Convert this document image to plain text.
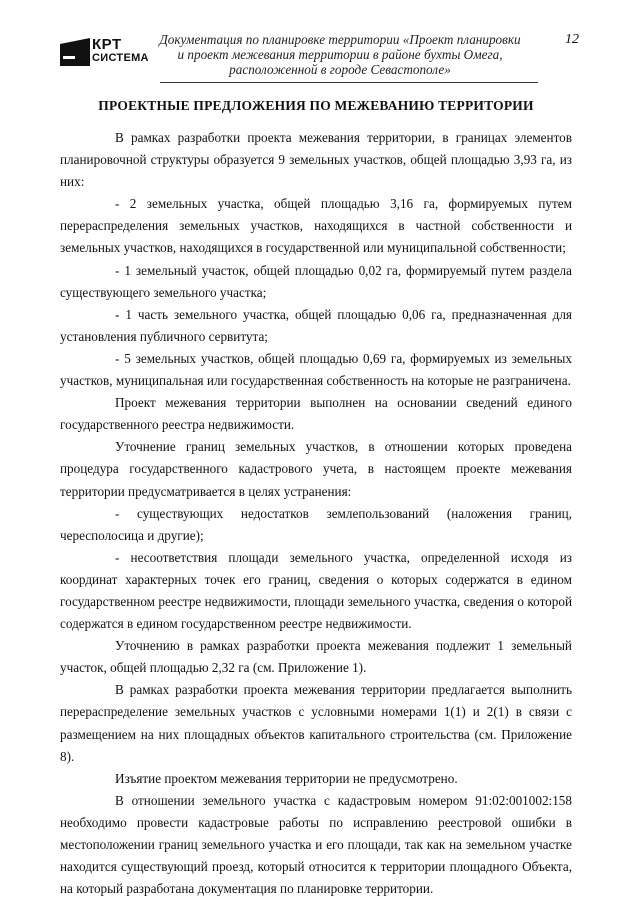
КРТ
СИСТЕМА
Документация по планировке территории «Проект планировки
и проект межевания территории в районе бухты Омега,
расположенной в городе Севастополе»
12
ПРОЕКТНЫЕ ПРЕДЛОЖЕНИЯ ПО МЕЖЕВАНИЮ ТЕРРИТОРИИ

В рамках разработки проекта межевания территории, в границах элементов планировочной структуры образуется 9 земельных участков, общей площадью 3,93 га, из них:

- 2 земельных участка, общей площадью 3,16 га, формируемых путем перераспределения земельных участков, находящихся в частной собственности и земельных участков, находящихся в государственной или муниципальной собственности;

- 1 земельный участок, общей площадью 0,02 га, формируемый путем раздела существующего земельного участка;

- 1 часть земельного участка, общей площадью 0,06 га, предназначенная для установления публичного сервитута;

- 5 земельных участков, общей площадью 0,69 га, формируемых из земельных участков, муниципальная или государственная собственность на которые не разграничена.

Проект межевания территории выполнен на основании сведений единого государственного реестра недвижимости.

Уточнение границ земельных участков, в отношении которых проведена процедура государственного кадастрового учета, в настоящем проекте межевания территории предусматривается в целях устранения:

- существующих недостатков землепользований (наложения границ, чересполосица и другие);

- несоответствия площади земельного участка, определенной исходя из координат характерных точек его границ, сведения о которых содержатся в едином государственном реестре недвижимости, площади земельного участка, сведения о которой содержатся в едином государственном реестре недвижимости.

Уточнению в рамках разработки проекта межевания подлежит 1 земельный участок, общей площадью 2,32 га (см. Приложение 1).

В рамках разработки проекта межевания территории предлагается выполнить перераспределение земельных участков с условными номерами 1(1) и 2(1) в связи с размещением на них площадных объектов капитального строительства (см. Приложение 8).

Изъятие проектом межевания территории не предусмотрено.

В отношении земельного участка с кадастровым номером 91:02:001002:158 необходимо провести кадастровые работы по исправлению реестровой ошибки в местоположении границ земельного участка и его площади, так как на земельном участке находится существующий проезд, который относится к территории площадного Объекта, на который разработана документация по планировке территории.
